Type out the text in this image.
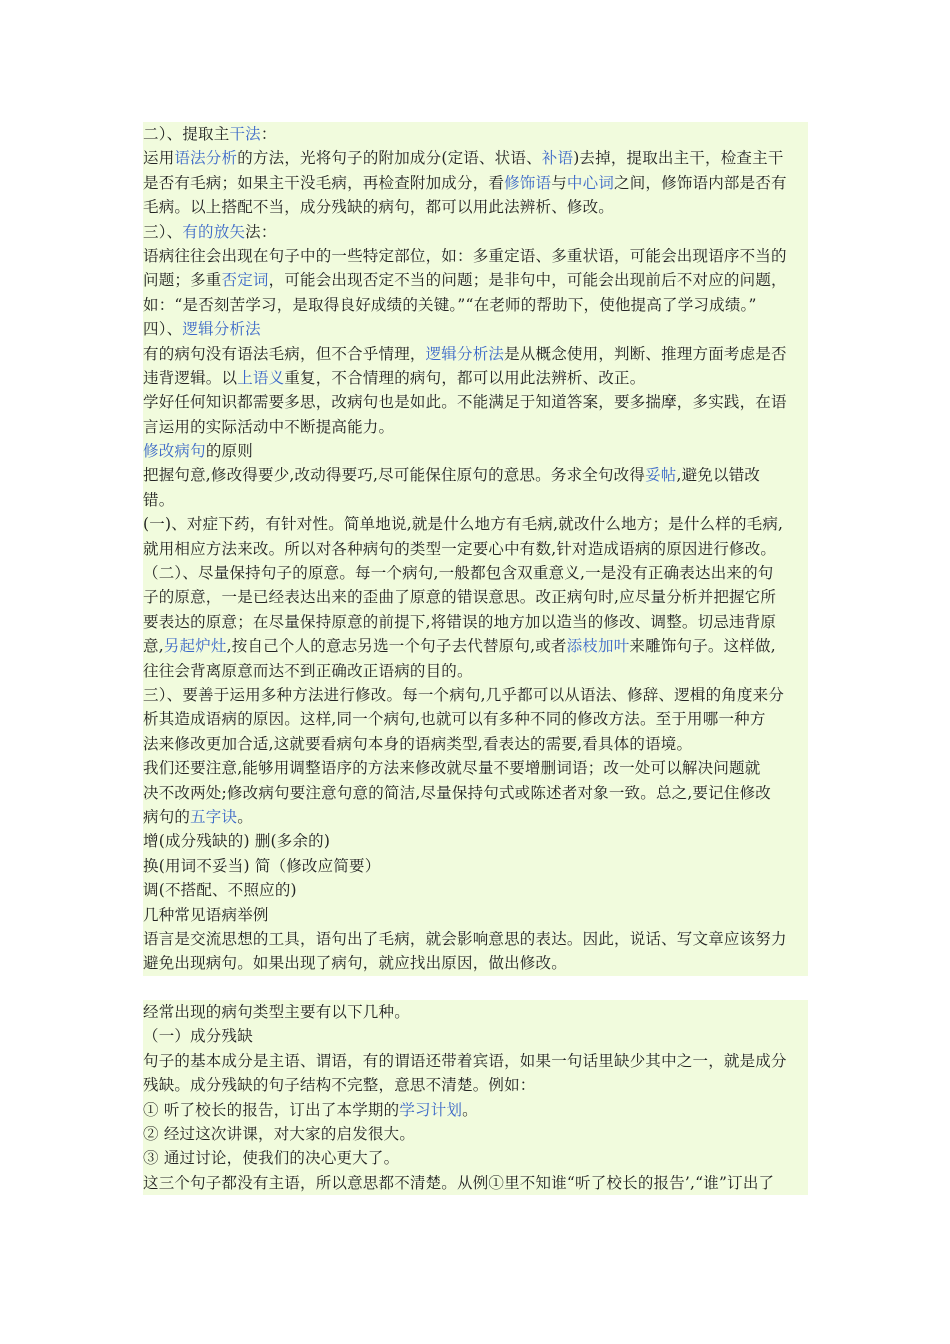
二）、提取主干法：
运用语法分析的方法，光将句子的附加成分(定语、状语、补语)去掉，提取出主干，检查主干
是否有毛病；如果主干没毛病，再检查附加成分，看修饰语与中心词之间，修饰语内部是否有
毛病。以上搭配不当，成分残缺的病句，都可以用此法辨析、修改。
三）、有的放矢法：
语病往往会出现在句子中的一些特定部位，如：多重定语、多重状语，可能会出现语序不当的
问题；多重否定词，可能会出现否定不当的问题；是非句中，可能会出现前后不对应的问题，
如：“是否刻苦学习，是取得良好成绩的关键。”“在老师的帮助下，使他提高了学习成绩。”
四）、逻辑分析法
有的病句没有语法毛病，但不合乎情理，逻辑分析法是从概念使用，判断、推理方面考虑是否
违背逻辑。以上语义重复，不合情理的病句，都可以用此法辨析、改正。
学好任何知识都需要多思，改病句也是如此。不能满足于知道答案，要多揣摩，多实践，在语
言运用的实际活动中不断提高能力。
修改病句的原则
把握句意,修改得要少,改动得要巧,尽可能保住原句的意思。务求全句改得妥帖,避免以错改
错。
(一)、对症下药，有针对性。简单地说,就是什么地方有毛病,就改什么地方；是什么样的毛病,
就用相应方法来改。所以对各种病句的类型一定要心中有数,针对造成语病的原因进行修改。
（二）、尽量保持句子的原意。每一个病句,一般都包含双重意义,一是没有正确表达出来的句
子的原意，一是已经表达出来的歪曲了原意的错误意思。改正病句时,应尽量分析并把握它所
要表达的原意；在尽量保持原意的前提下,将错误的地方加以造当的修改、调整。切忌违背原
意,另起炉灶,按自己个人的意志另选一个句子去代替原句,或者添枝加叶来雕饰句子。这样做,
往往会背离原意而达不到正确改正语病的目的。
三）、要善于运用多种方法进行修改。每一个病句,几乎都可以从语法、修辞、逻楫的角度来分
析其造成语病的原因。这样,同一个病句,也就可以有多种不同的修改方法。至于用哪一种方
法来修改更加合适,这就要看病句本身的语病类型,看表达的需要,看具体的语境。
我们还要注意,能够用调整语序的方法来修改就尽量不要增删词语；改一处可以解决问题就
决不改两处;修改病句要注意句意的简洁,尽量保持句式或陈述者对象一致。总之,要记住修改
病句的五字诀。
增(成分残缺的) 删(多余的)
换(用词不妥当) 简（修改应简要）
调(不搭配、不照应的)
几种常见语病举例
语言是交流思想的工具，语句出了毛病，就会影响意思的表达。因此，说话、写文章应该努力
避免出现病句。如果出现了病句，就应找出原因，做出修改。
经常出现的病句类型主要有以下几种。
（一）成分残缺
句子的基本成分是主语、谓语，有的谓语还带着宾语，如果一句话里缺少其中之一，就是成分
残缺。成分残缺的句子结构不完整，意思不清楚。例如：
① 听了校长的报告，订出了本学期的学习计划。
② 经过这次讲课，对大家的启发很大。
③ 通过讨论，使我们的决心更大了。
这三个句子都没有主语，所以意思都不清楚。从例①里不知谁“听了校长的报告’,“谁”订出了
